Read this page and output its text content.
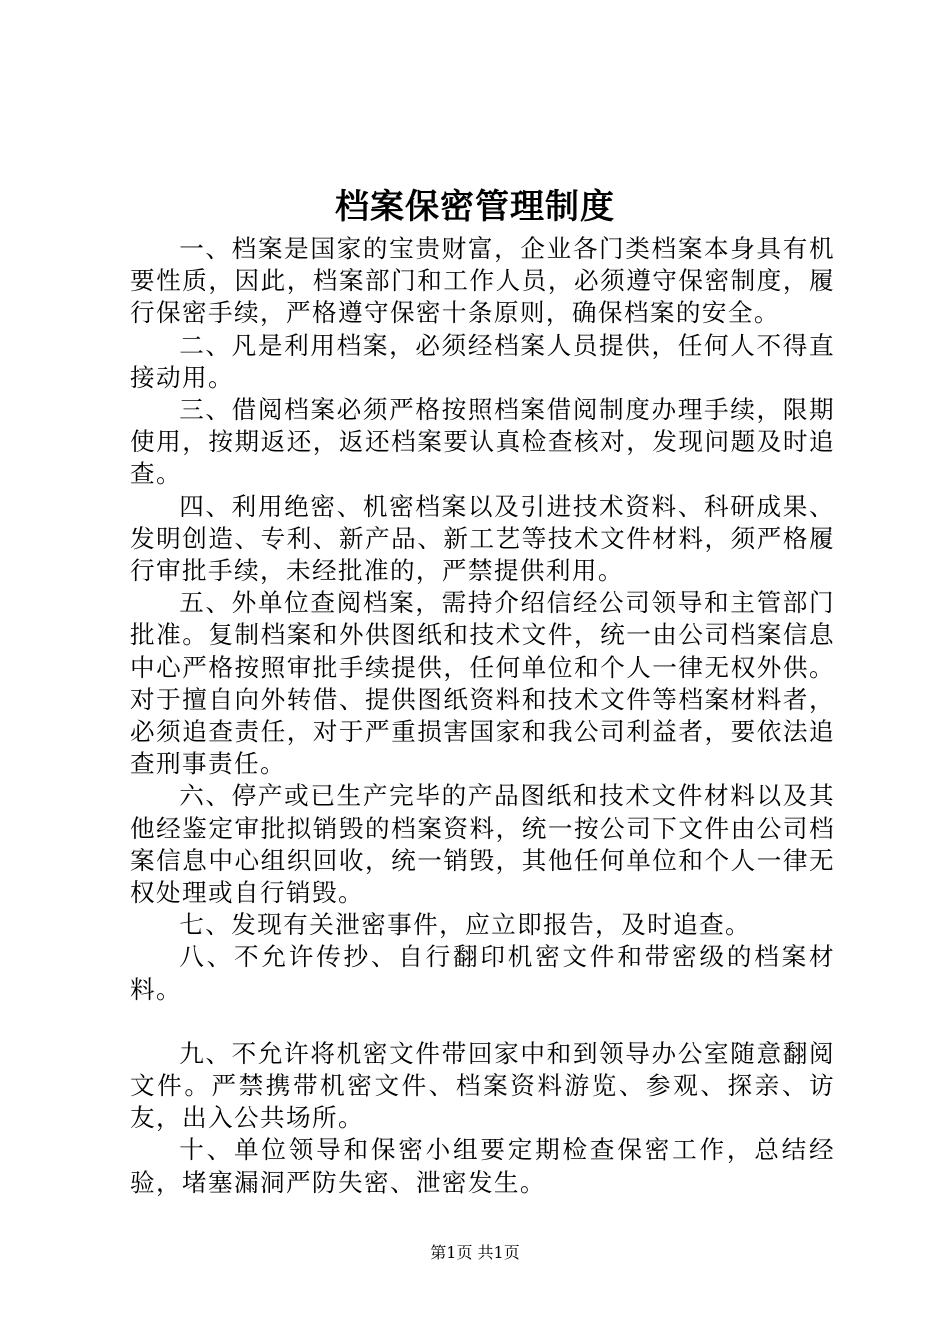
档案保密管理制度

一、档案是国家的宝贵财富，企业各门类档案本身具有机要性质，因此，档案部门和工作人员，必须遵守保密制度，履行保密手续，严格遵守保密十条原则，确保档案的安全。

二、凡是利用档案，必须经档案人员提供，任何人不得直接动用。

三、借阅档案必须严格按照档案借阅制度办理手续，限期使用，按期返还，返还档案要认真检查核对，发现问题及时追查。

四、利用绝密、机密档案以及引进技术资料、科研成果、发明创造、专利、新产品、新工艺等技术文件材料，须严格履行审批手续，未经批准的，严禁提供利用。

五、外单位查阅档案，需持介绍信经公司领导和主管部门批准。复制档案和外供图纸和技术文件，统一由公司档案信息中心严格按照审批手续提供，任何单位和个人一律无权外供。对于擅自向外转借、提供图纸资料和技术文件等档案材料者，必须追查责任，对于严重损害国家和我公司利益者，要依法追查刑事责任。

六、停产或已生产完毕的产品图纸和技术文件材料以及其他经鉴定审批拟销毁的档案资料，统一按公司下文件由公司档案信息中心组织回收，统一销毁，其他任何单位和个人一律无权处理或自行销毁。

七、发现有关泄密事件，应立即报告，及时追查。

八、不允许传抄、自行翻印机密文件和带密级的档案材料。

九、不允许将机密文件带回家中和到领导办公室随意翻阅文件。严禁携带机密文件、档案资料游览、参观、探亲、访友，出入公共场所。

十、单位领导和保密小组要定期检查保密工作，总结经验，堵塞漏洞严防失密、泄密发生。

第1页 共1页
